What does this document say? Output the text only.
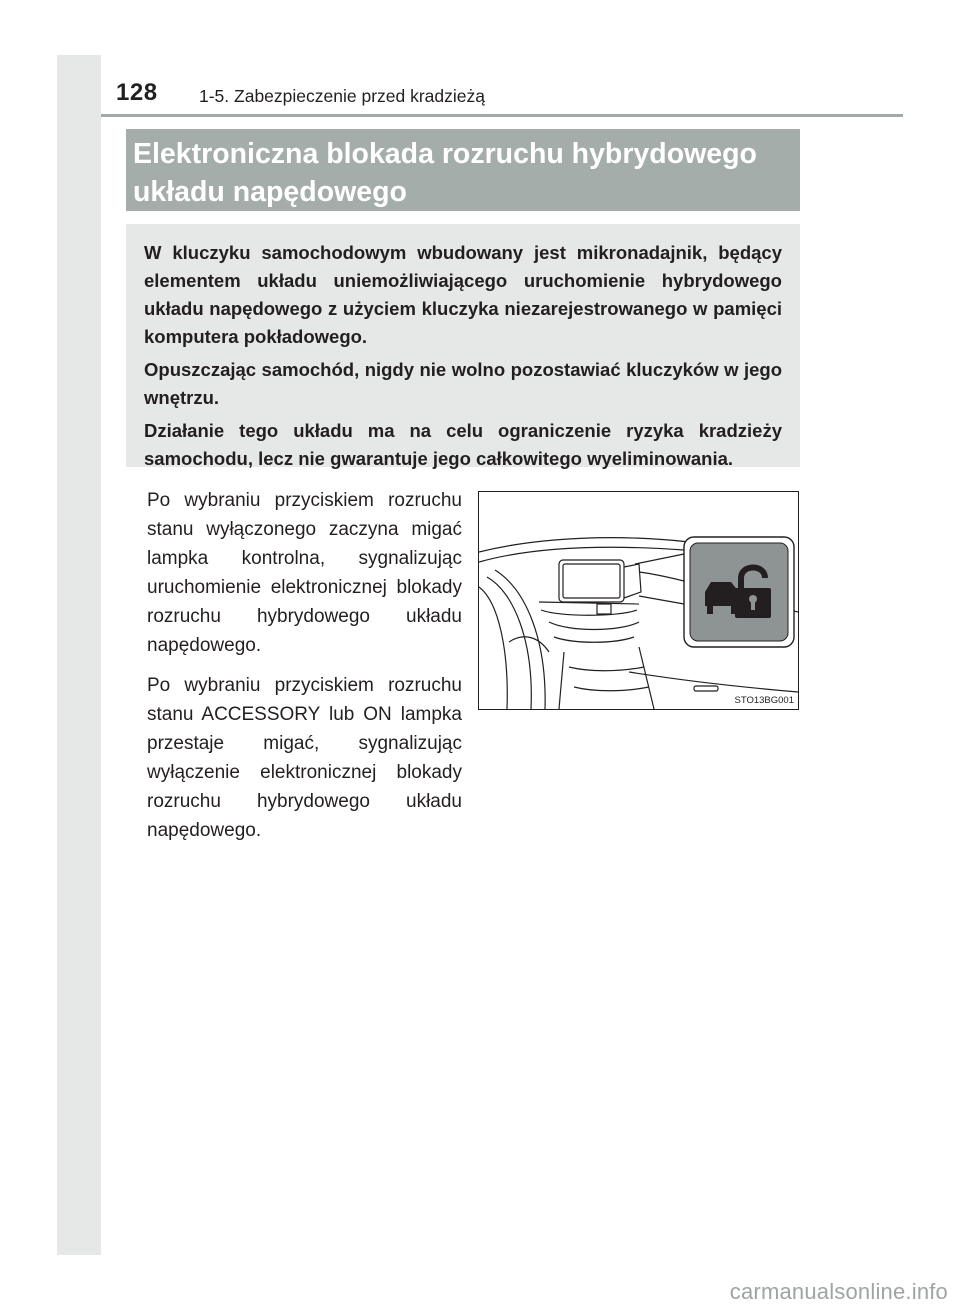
128 1-5. Zabezpieczenie przed kradzieżą
Elektroniczna blokada rozruchu hybrydowego
układu napędowego

W kluczyku samochodowym wbudowany jest mikronadajnik, będący elementem układu uniemożliwiającego uruchomienie hybrydowego układu napędowego z użyciem kluczyka niezarejestrowanego w pamięci komputera pokładowego.

Opuszczając samochód, nigdy nie wolno pozostawiać kluczyków w jego wnętrzu.

Działanie tego układu ma na celu ograniczenie ryzyka kradzieży samochodu, lecz nie gwarantuje jego całkowitego wyeliminowania.

Po wybraniu przyciskiem rozruchu stanu wyłączonego zaczyna migać lampka kontrolna, sygnalizując uruchomienie elektronicznej blokady rozruchu hybrydowego układu napędowego.

Po wybraniu przyciskiem rozruchu stanu ACCESSORY lub ON lampka przestaje migać, sygnalizując wyłączenie elektronicznej blokady rozruchu hybrydowego układu napędowego.

STO13BG001
carmanualsonline.info
